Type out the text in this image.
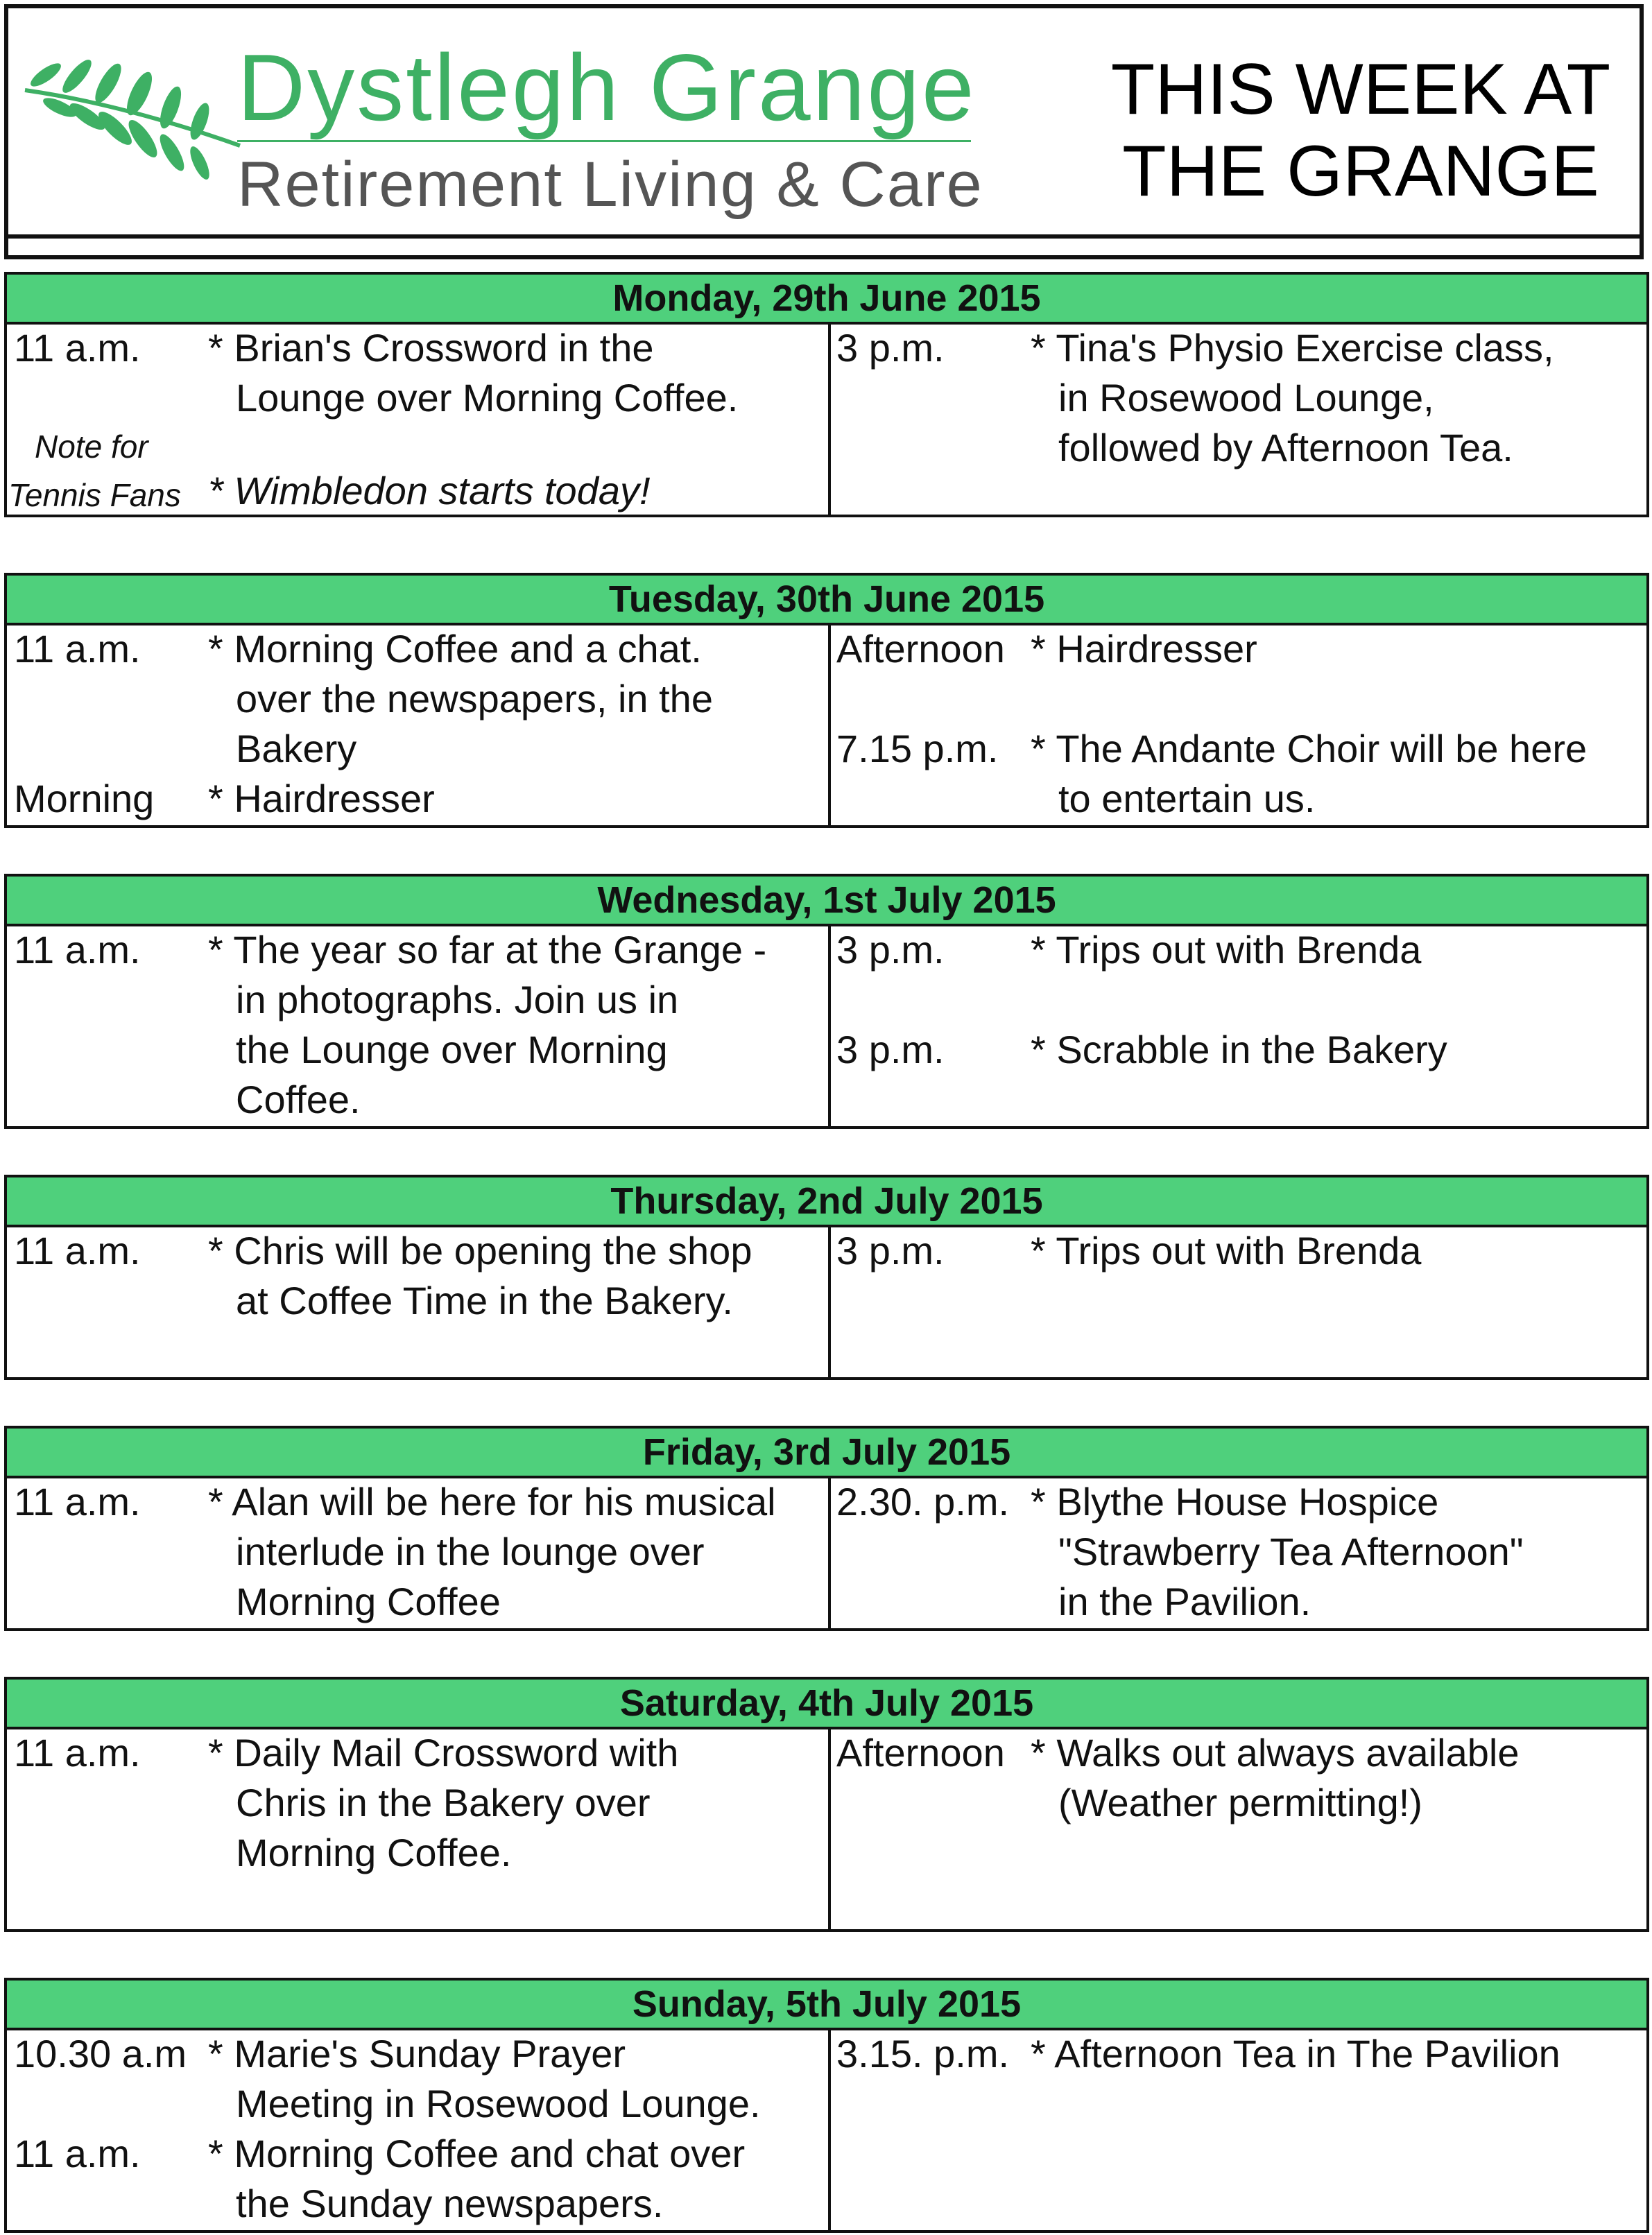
Dystlegh Grange
Retirement Living & Care
THIS WEEK AT
THE GRANGE
Monday, 29th June 2015
11 a.m. * Brian's Crossword in the
Lounge over Morning Coffee.
Note for
Tennis Fans * Wimbledon starts today!
3 p.m. * Tina's Physio Exercise class,
in Rosewood Lounge,
followed by Afternoon Tea.
Tuesday, 30th June 2015
11 a.m. * Morning Coffee and a chat.
over the newspapers, in the
Bakery
Morning * Hairdresser
Afternoon * Hairdresser
7.15 p.m. * The Andante Choir will be here
to entertain us.
Wednesday, 1st July 2015
11 a.m. * The year so far at the Grange -
in photographs. Join us in
the Lounge over Morning
Coffee.
3 p.m. * Trips out with Brenda
3 p.m. * Scrabble in the Bakery
Thursday, 2nd July 2015
11 a.m. * Chris will be opening the shop
at Coffee Time in the Bakery.
3 p.m. * Trips out with Brenda
Friday, 3rd July 2015
11 a.m. * Alan will be here for his musical
interlude in the lounge over
Morning Coffee
2.30. p.m. * Blythe House Hospice
"Strawberry Tea Afternoon"
in the Pavilion.
Saturday, 4th July 2015
11 a.m. * Daily Mail Crossword with
Chris in the Bakery over
Morning Coffee.
Afternoon * Walks out always available
(Weather permitting!)
Sunday, 5th July 2015
10.30 a.m * Marie's Sunday Prayer
Meeting in Rosewood Lounge.
11 a.m. * Morning Coffee and chat over
the Sunday newspapers.
3.15. p.m. * Afternoon Tea in The Pavilion
